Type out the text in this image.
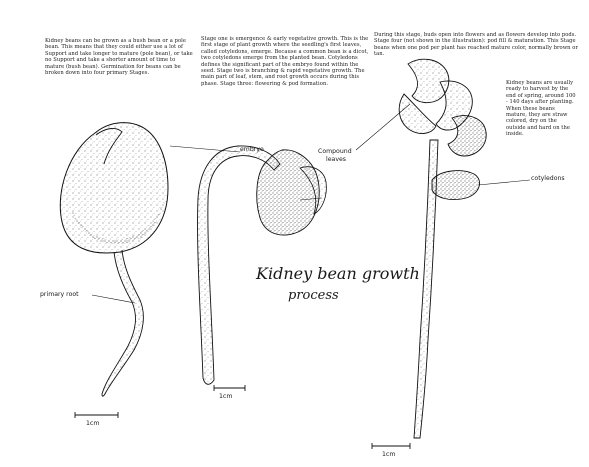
Kidney beans can be grown as a bush bean or a pole bean. This means that they could either use a lot of Support and take longer to mature (pole bean), or take no Support and take a shorter amount of time to mature (bush bean). Germination for beans can be broken down into four primary Stages.
Stage one is emergence & early vegetative growth. This is the first stage of plant growth where the seedling's first leaves, called cotyledons, emerge. Because a common bean is a dicot, two cotyledons emerge from the planted bean. Cotyledons defines the significant part of the embryo found within the seed. Stage two is branching & rapid vegetative growth. The main part of leaf, stem, and root growth occurs during this phase. Stage three: flowering & pod formation.
During this stage, buds open into flowers and as flowers develop into pods. Stage four (not shown in the illustration): pod fill & maturation. This Stage beans when one pod per plant has reached mature color, normally brown or tan.
Kidney beans are usually ready to harvest by the end of spring, around 100 - 140 days after planting. When these beans mature, they are straw colored, dry on the outside and hard on the inside.
embryo	Compound
leaves
cotyledons
primary root
Kidney bean growth
process
1cm
1cm
1cm
